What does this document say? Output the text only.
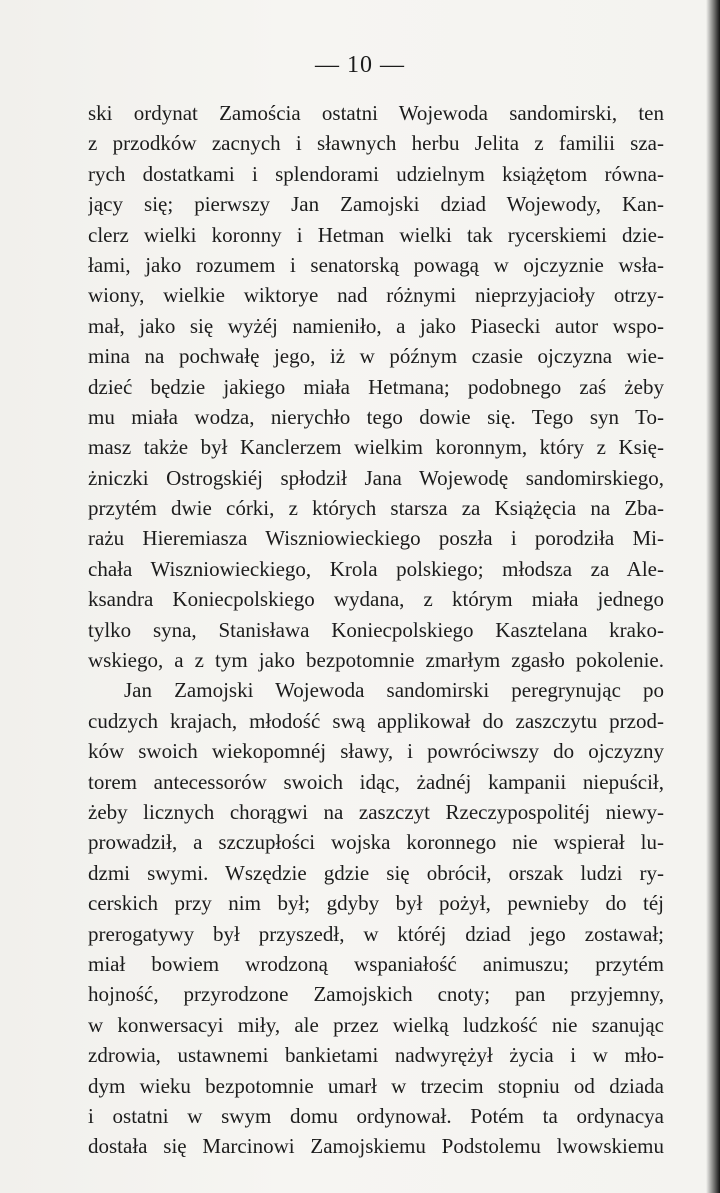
— 10 —
ski ordynat Zamościa ostatni Wojewoda sandomirski, ten
z przodków zacnych i sławnych herbu Jelita z familii sza-
rych dostatkami i splendorami udzielnym książętom równa-
jący się; pierwszy Jan Zamojski dziad Wojewody, Kan-
clerz wielki koronny i Hetman wielki tak rycerskiemi dzie-
łami, jako rozumem i senatorską powagą w ojczyznie wsła-
wiony, wielkie wiktorye nad różnymi nieprzyjacioły otrzy-
mał, jako się wyżéj namieniło, a jako Piasecki autor wspo-
mina na pochwałę jego, iż w późnym czasie ojczyzna wie-
dzieć będzie jakiego miała Hetmana; podobnego zaś żeby
mu miała wodza, nierychło tego dowie się. Tego syn To-
masz także był Kanclerzem wielkim koronnym, który z Księ-
żniczki Ostrogskiéj spłodził Jana Wojewodę sandomirskiego,
przytém dwie córki, z których starsza za Książęcia na Zba-
rażu Hieremiasza Wiszniowieckiego poszła i porodziła Mi-
chała Wiszniowieckiego, Krola polskiego; młodsza za Ale-
ksandra Koniecpolskiego wydana, z którym miała jednego
tylko syna, Stanisława Koniecpolskiego Kasztelana krako-
wskiego, a z tym jako bezpotomnie zmarłym zgasło pokolenie.
Jan Zamojski Wojewoda sandomirski peregrynując po
cudzych krajach, młodość swą applikował do zaszczytu przod-
ków swoich wiekopomnéj sławy, i powróciwszy do ojczyzny
torem antecessorów swoich idąc, żadnéj kampanii niepuścił,
żeby licznych chorągwi na zaszczyt Rzeczypospolitéj niewy-
prowadził, a szczupłości wojska koronnego nie wspierał lu-
dzmi swymi. Wszędzie gdzie się obrócił, orszak ludzi ry-
cerskich przy nim był; gdyby był pożył, pewnieby do téj
prerogatywy był przyszedł, w któréj dziad jego zostawał;
miał bowiem wrodzoną wspaniałość animuszu; przytém
hojność, przyrodzone Zamojskich cnoty; pan przyjemny,
w konwersacyi miły, ale przez wielką ludzkość nie szanując
zdrowia, ustawnemi bankietami nadwyrężył życia i w mło-
dym wieku bezpotomnie umarł w trzecim stopniu od dziada
i ostatni w swym domu ordynował. Potém ta ordynacya
dostała się Marcinowi Zamojskiemu Podstolemu lwowskiemu
